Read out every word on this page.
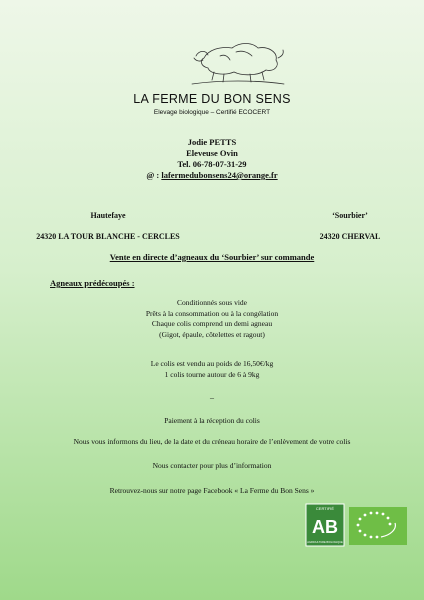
LA FERME DU BON SENS
Elevage biologique – Certifié ECOCERT
Jodie PETTS
Eleveuse Ovin
Tel. 06-78-07-31-29
@ : lafermedubonsens24@orange.fr
Hautefaye
24320 LA TOUR BLANCHE - CERCLES
‘Sourbier’
24320 CHERVAL
Vente en directe d’agneaux du ‘Sourbier’ sur commande
Agneaux prédécoupés :
Conditionnés sous vide
Prêts à la consommation ou à la congélation
Chaque colis comprend un demi agneau
(Gigot, épaule, côtelettes et ragout)
Le colis est vendu au poids de 16,50€/kg
1 colis tourne autour de 6 à 9kg
_
Paiement à la réception du colis
Nous vous informons du lieu, de la date et du créneau horaire de l’enlèvement de votre colis
Nous contacter pour plus d’information
Retrouvez-nous sur notre page Facebook « La Ferme du Bon Sens »
CERTIFIÉ
AB
AGRICULTURE BIOLOGIQUE
